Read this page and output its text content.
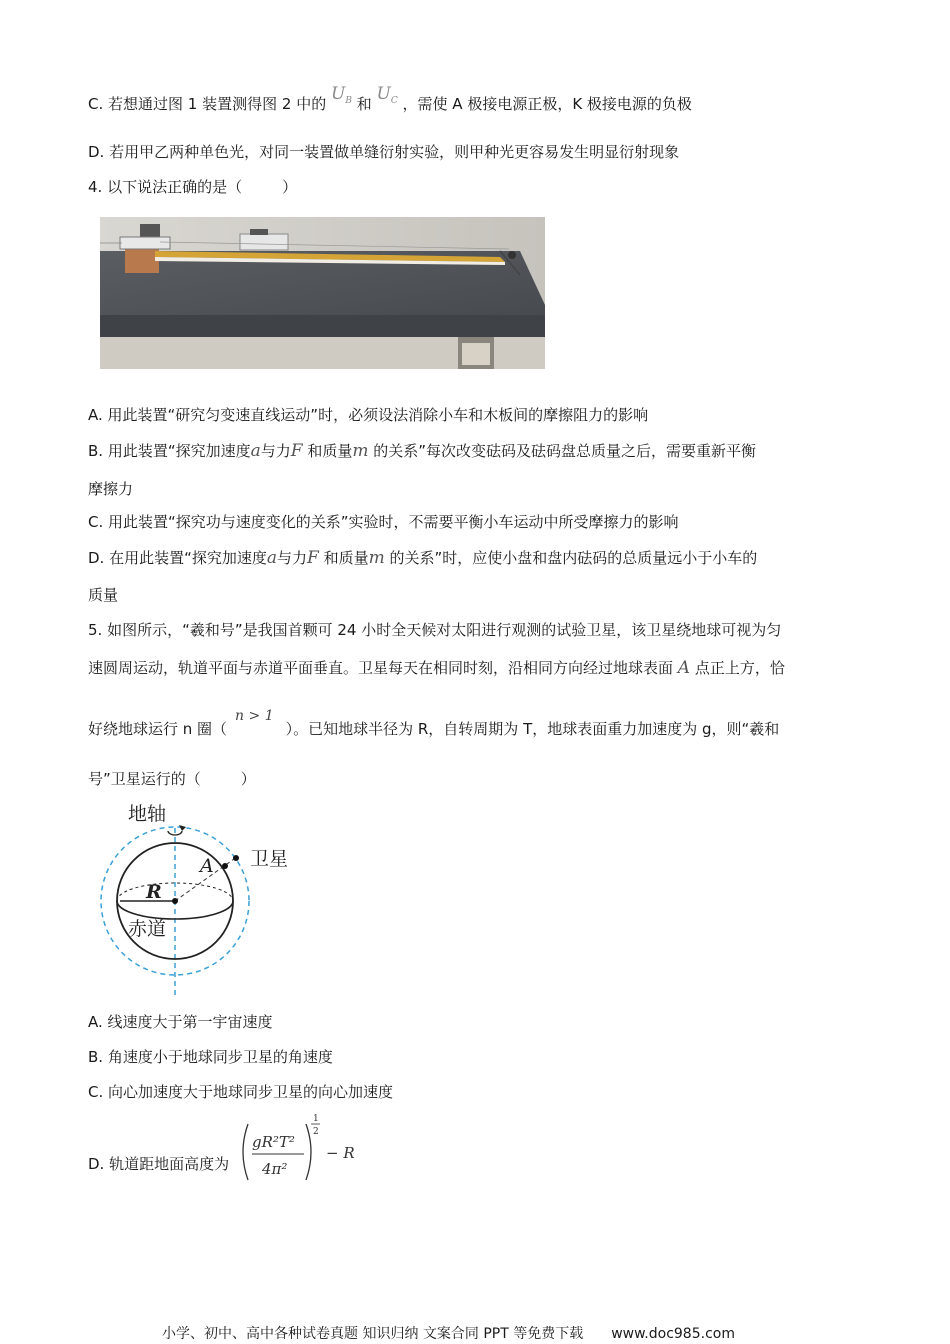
C. 若想通过图 1 装置测得图 2 中的 $U_B$ 和 $U_C$ ，需使 A 极接电源正极，K 极接电源的负极
D. 若用甲乙两种单色光，对同一装置做单缝衍射实验，则甲种光更容易发生明显衍射现象
4. 以下说法正确的是（	）
A. 用此装置“研究匀变速直线运动”时，必须设法消除小车和木板间的摩擦阻力的影响
B. 用此装置“探究加速度a与力F 和质量m 的关系”每次改变砝码及砝码盘总质量之后，需要重新平衡
摩擦力
C. 用此装置“探究功与速度变化的关系”实验时，不需要平衡小车运动中所受摩擦力的影响
D. 在用此装置“探究加速度a与力F 和质量m 的关系”时，应使小盘和盘内砝码的总质量远小于小车的
质量
5. 如图所示，“羲和号”是我国首颗可 24 小时全天候对太阳进行观测的试验卫星，该卫星绕地球可视为匀
速圆周运动，轨道平面与赤道平面垂直。卫星每天在相同时刻，沿相同方向经过地球表面 A 点正上方，恰
好绕地球运行 n 圈（n > 1）。已知地球半径为 R，自转周期为 T，地球表面重力加速度为 g，则“羲和
号”卫星运行的（	）
地轴
卫星
A
R
赤道
A. 线速度大于第一宇宙速度
B. 角速度小于地球同步卫星的角速度
C. 向心加速度大于地球同步卫星的向心加速度
D. 轨道距地面高度为
gR²T²
4π²
1
2
− R
小学、初中、高中各种试卷真题 知识归纳 文案合同 PPT 等免费下载　　www.doc985.com
